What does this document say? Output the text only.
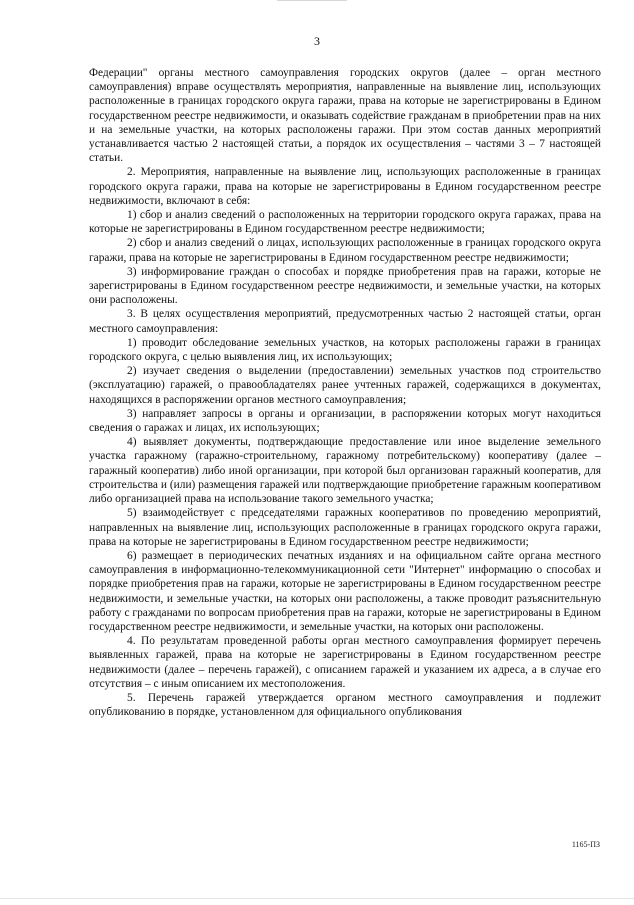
3

Федерации" органы местного самоуправления городских округов (далее – орган местного самоуправления) вправе осуществлять мероприятия, направленные на выявление лиц, использующих расположенные в границах городского округа гаражи, права на которые не зарегистрированы в Едином государственном реестре недвижимости, и оказывать содействие гражданам в приобретении прав на них и на земельные участки, на которых расположены гаражи. При этом состав данных мероприятий устанавливается частью 2 настоящей статьи, а порядок их осуществления – частями 3 – 7 настоящей статьи.

2. Мероприятия, направленные на выявление лиц, использующих расположенные в границах городского округа гаражи, права на которые не зарегистрированы в Едином государственном реестре недвижимости, включают в себя:

1) сбор и анализ сведений о расположенных на территории городского округа гаражах, права на которые не зарегистрированы в Едином государственном реестре недвижимости;

2) сбор и анализ сведений о лицах, использующих расположенные в границах городского округа гаражи, права на которые не зарегистрированы в Едином государственном реестре недвижимости;

3) информирование граждан о способах и порядке приобретения прав на гаражи, которые не зарегистрированы в Едином государственном реестре недвижимости, и земельные участки, на которых они расположены.

3. В целях осуществления мероприятий, предусмотренных частью 2 настоящей статьи, орган местного самоуправления:

1) проводит обследование земельных участков, на которых расположены гаражи в границах городского округа, с целью выявления лиц, их использующих;

2) изучает сведения о выделении (предоставлении) земельных участков под строительство (эксплуатацию) гаражей, о правообладателях ранее учтенных гаражей, содержащихся в документах, находящихся в распоряжении органов местного самоуправления;

3) направляет запросы в органы и организации, в распоряжении которых могут находиться сведения о гаражах и лицах, их использующих;

4) выявляет документы, подтверждающие предоставление или иное выделение земельного участка гаражному (гаражно-строительному, гаражному потребительскому) кооперативу (далее – гаражный кооператив) либо иной организации, при которой был организован гаражный кооператив, для строительства и (или) размещения гаражей или подтверждающие приобретение гаражным кооперативом либо организацией права на использование такого земельного участка;

5) взаимодействует с председателями гаражных кооперативов по проведению мероприятий, направленных на выявление лиц, использующих расположенные в границах городского округа гаражи, права на которые не зарегистрированы в Едином государственном реестре недвижимости;

6) размещает в периодических печатных изданиях и на официальном сайте органа местного самоуправления в информационно-телекоммуникационной сети "Интернет" информацию о способах и порядке приобретения прав на гаражи, которые не зарегистрированы в Едином государственном реестре недвижимости, и земельные участки, на которых они расположены, а также проводит разъяснительную работу с гражданами по вопросам приобретения прав на гаражи, которые не зарегистрированы в Едином государственном реестре недвижимости, и земельные участки, на которых они расположены.

4. По результатам проведенной работы орган местного самоуправления формирует перечень выявленных гаражей, права на которые не зарегистрированы в Едином государственном реестре недвижимости (далее – перечень гаражей), с описанием гаражей и указанием их адреса, а в случае его отсутствия – с иным описанием их местоположения.

5. Перечень гаражей утверждается органом местного самоуправления и подлежит опубликованию в порядке, установленном для официального опубликования

1165-ПЗ
